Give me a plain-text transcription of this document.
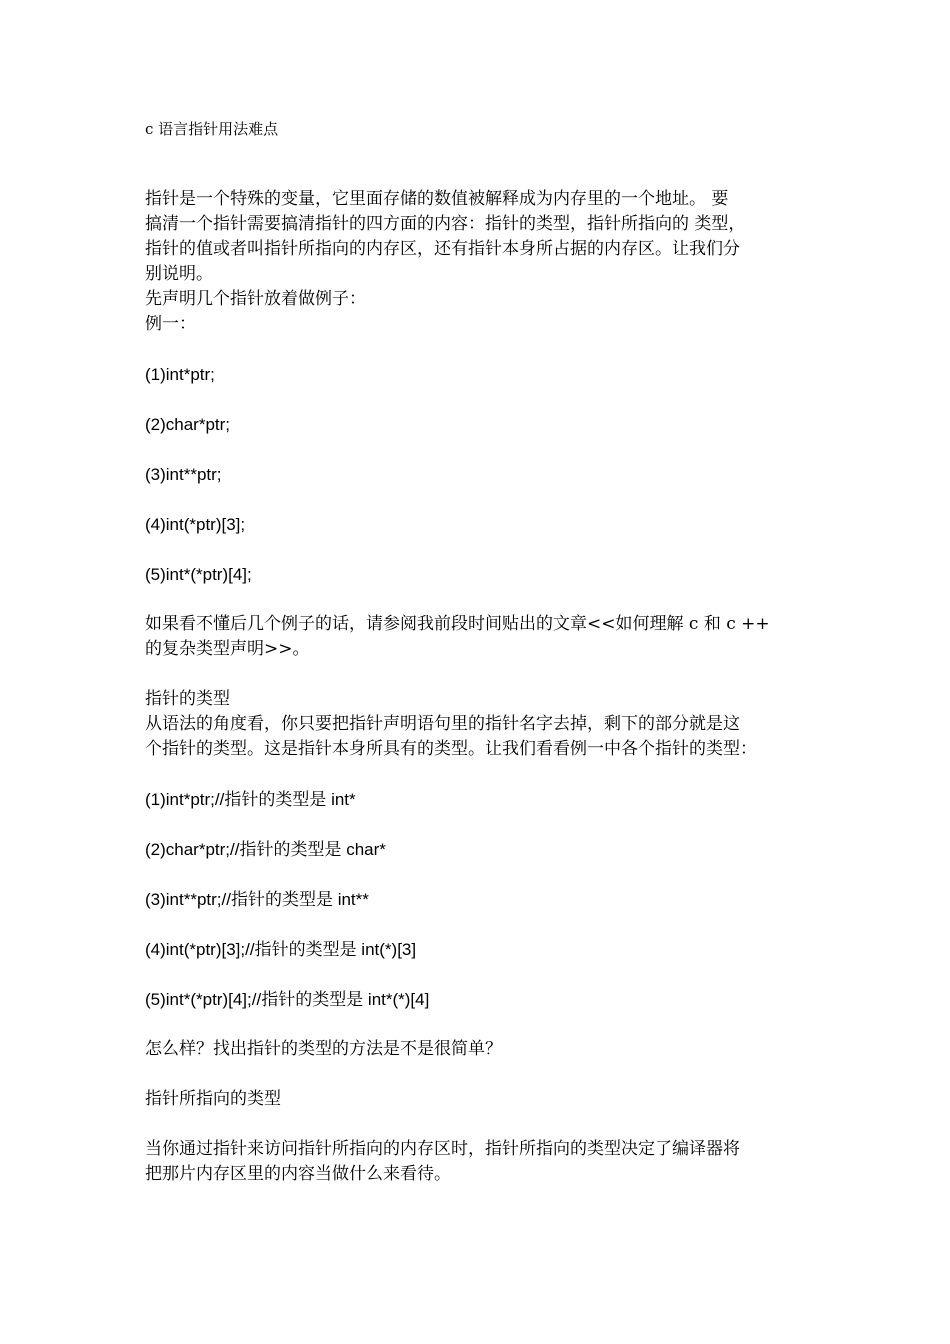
c 语言指针用法难点
指针是一个特殊的变量，它里面存储的数值被解释成为内存里的一个地址。 要
搞清一个指针需要搞清指针的四方面的内容：指针的类型，指针所指向的 类型，
指针的值或者叫指针所指向的内存区，还有指针本身所占据的内存区。让我们分
别说明。
先声明几个指针放着做例子：
例一：
(1)int*ptr;
(2)char*ptr;
(3)int**ptr;
(4)int(*ptr)[3];
(5)int*(*ptr)[4];
如果看不懂后几个例子的话，请参阅我前段时间贴出的文章<<如何理解 c 和 c ++
的复杂类型声明>>。
指针的类型
从语法的角度看，你只要把指针声明语句里的指针名字去掉，剩下的部分就是这
个指针的类型。这是指针本身所具有的类型。让我们看看例一中各个指针的类型：
(1)int*ptr;//指针的类型是 int*
(2)char*ptr;//指针的类型是 char*
(3)int**ptr;//指针的类型是 int**
(4)int(*ptr)[3];//指针的类型是 int(*)[3]
(5)int*(*ptr)[4];//指针的类型是 int*(*)[4]
怎么样？找出指针的类型的方法是不是很简单？
指针所指向的类型
当你通过指针来访问指针所指向的内存区时，指针所指向的类型决定了编译器将
把那片内存区里的内容当做什么来看待。
